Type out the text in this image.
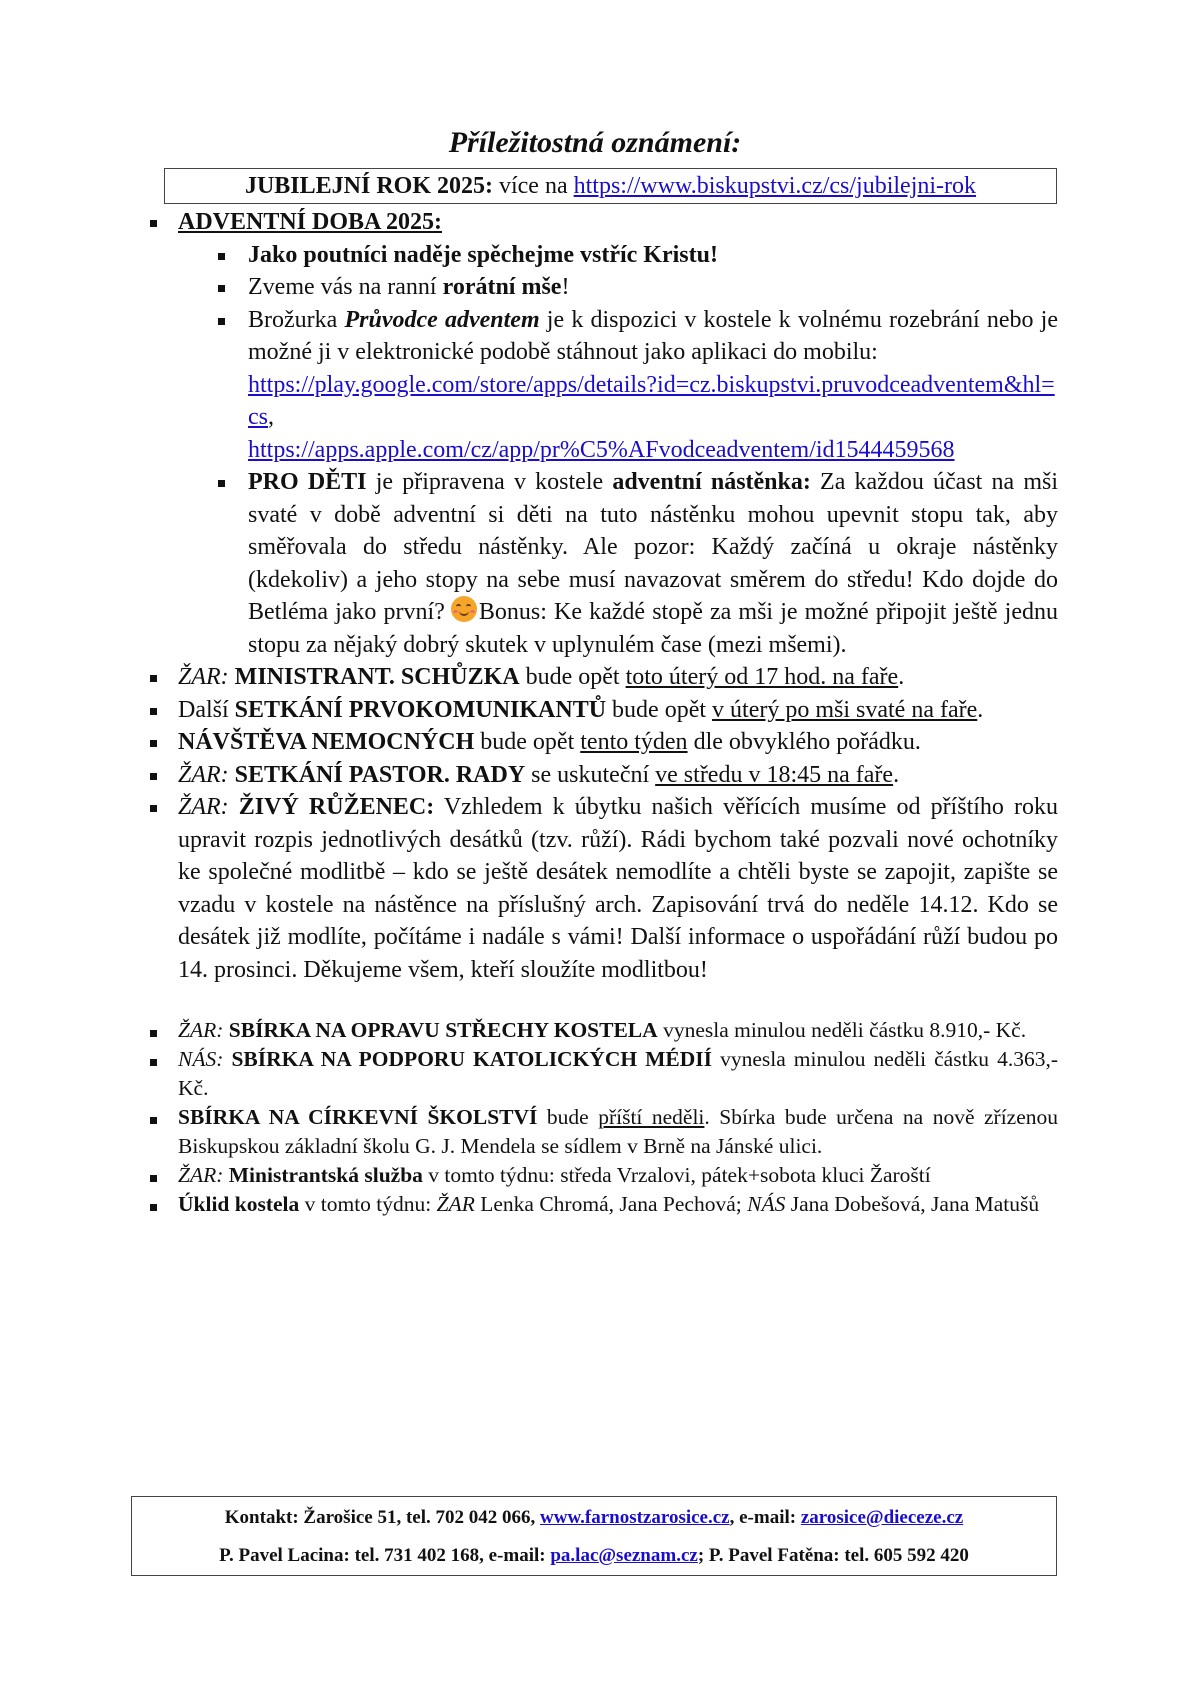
Příležitostná oznámení:
JUBILEJNÍ ROK 2025: více na https://www.biskupstvi.cz/cs/jubilejni-rok
ADVENTNÍ DOBA 2025:
Jako poutníci naděje spěchejme vstříc Kristu!
Zveme vás na ranní rorátní mše!
Brožurka Průvodce adventem je k dispozici v kostele k volnému rozebrání nebo je možné ji v elektronické podobě stáhnout jako aplikaci do mobilu:
https://play.google.com/store/apps/details?id=cz.biskupstvi.pruvodceadventem&hl=cs,
https://apps.apple.com/cz/app/pr%C5%AFvodceadventem/id1544459568
PRO DĚTI je připravena v kostele adventní nástěnka: Za každou účast na mši svaté v době adventní si děti na tuto nástěnku mohou upevnit stopu tak, aby směřovala do středu nástěnky. Ale pozor: Každý začíná u okraje nástěnky (kdekoliv) a jeho stopy na sebe musí navazovat směrem do středu! Kdo dojde do Betléma jako první? Bonus: Ke každé stopě za mši je možné připojit ještě jednu stopu za nějaký dobrý skutek v uplynulém čase (mezi mšemi).
ŽAR: MINISTRANT. SCHŮZKA bude opět toto úterý od 17 hod. na faře.
Další SETKÁNÍ PRVOKOMUNIKANTŮ bude opět v úterý po mši svaté na faře.
NÁVŠTĚVA NEMOCNÝCH bude opět tento týden dle obvyklého pořádku.
ŽAR: SETKÁNÍ PASTOR. RADY se uskuteční ve středu v 18:45 na faře.
ŽAR: ŽIVÝ RŮŽENEC: Vzhledem k úbytku našich věřících musíme od příštího roku upravit rozpis jednotlivých desátků (tzv. růží). Rádi bychom také pozvali nové ochotníky ke společné modlitbě – kdo se ještě desátek nemodlíte a chtěli byste se zapojit, zapište se vzadu v kostele na nástěnce na příslušný arch. Zapisování trvá do neděle 14.12. Kdo se desátek již modlíte, počítáme i nadále s vámi! Další informace o uspořádání růží budou po 14. prosinci. Děkujeme všem, kteří sloužíte modlitbou!
ŽAR: SBÍRKA NA OPRAVU STŘECHY KOSTELA vynesla minulou neděli částku 8.910,- Kč.
NÁS: SBÍRKA NA PODPORU KATOLICKÝCH MÉDIÍ vynesla minulou neděli částku 4.363,- Kč.
SBÍRKA NA CÍRKEVNÍ ŠKOLSTVÍ bude příští neděli. Sbírka bude určena na nově zřízenou Biskupskou základní školu G. J. Mendela se sídlem v Brně na Jánské ulici.
ŽAR: Ministrantská služba v tomto týdnu: středa Vrzalovi, pátek+sobota kluci Žaroští
Úklid kostela v tomto týdnu: ŽAR Lenka Chromá, Jana Pechová; NÁS Jana Dobešová, Jana Matušů
Kontakt: Žarošice 51, tel. 702 042 066, www.farnostzarosice.cz, e-mail: zarosice@dieceze.cz
P. Pavel Lacina: tel. 731 402 168, e-mail: pa.lac@seznam.cz; P. Pavel Fatěna: tel. 605 592 420
